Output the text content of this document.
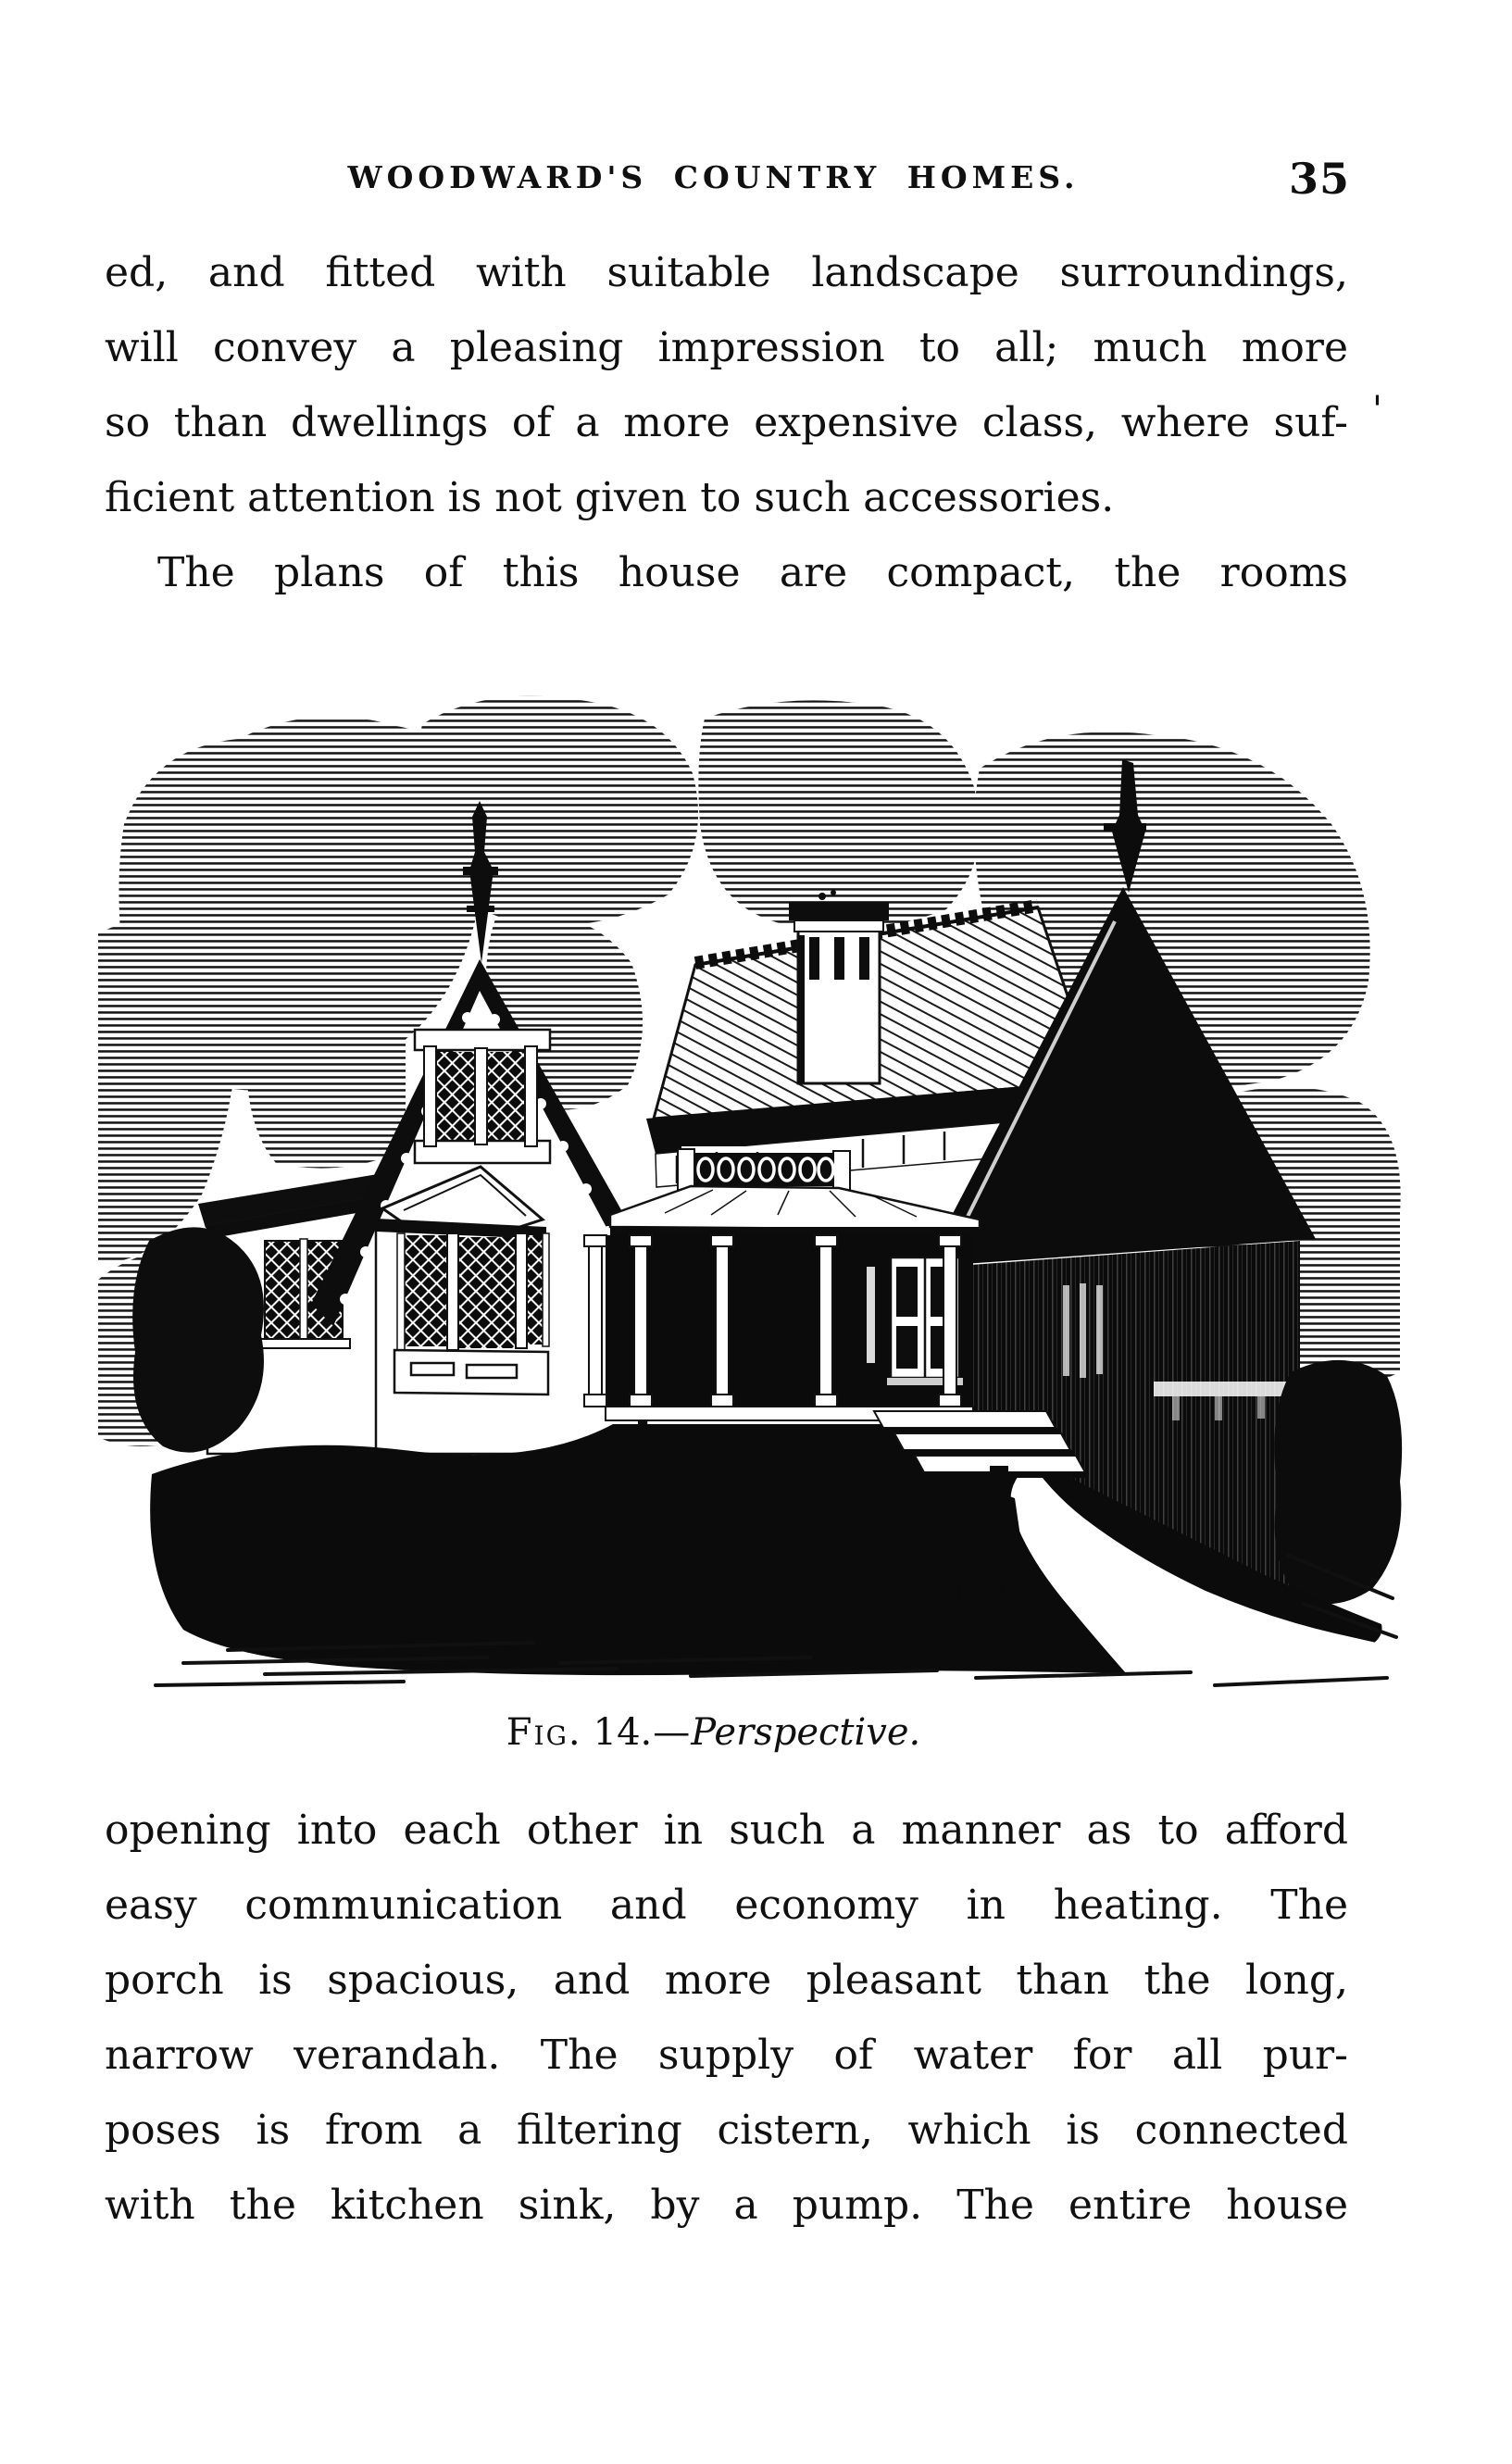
WOODWARD'S COUNTRY HOMES.	35
ed, and fitted with suitable landscape surroundings,
will convey a pleasing impression to all; much more
so than dwellings of a more expensive class, where suf-
ficient attention is not given to such accessories.
The plans of this house are compact, the rooms
Fig. 14.—Perspective.
opening into each other in such a manner as to afford
easy communication and economy in heating. The
porch is spacious, and more pleasant than the long,
narrow verandah. The supply of water for all pur-
poses is from a filtering cistern, which is connected
with the kitchen sink, by a pump. The entire house
'
